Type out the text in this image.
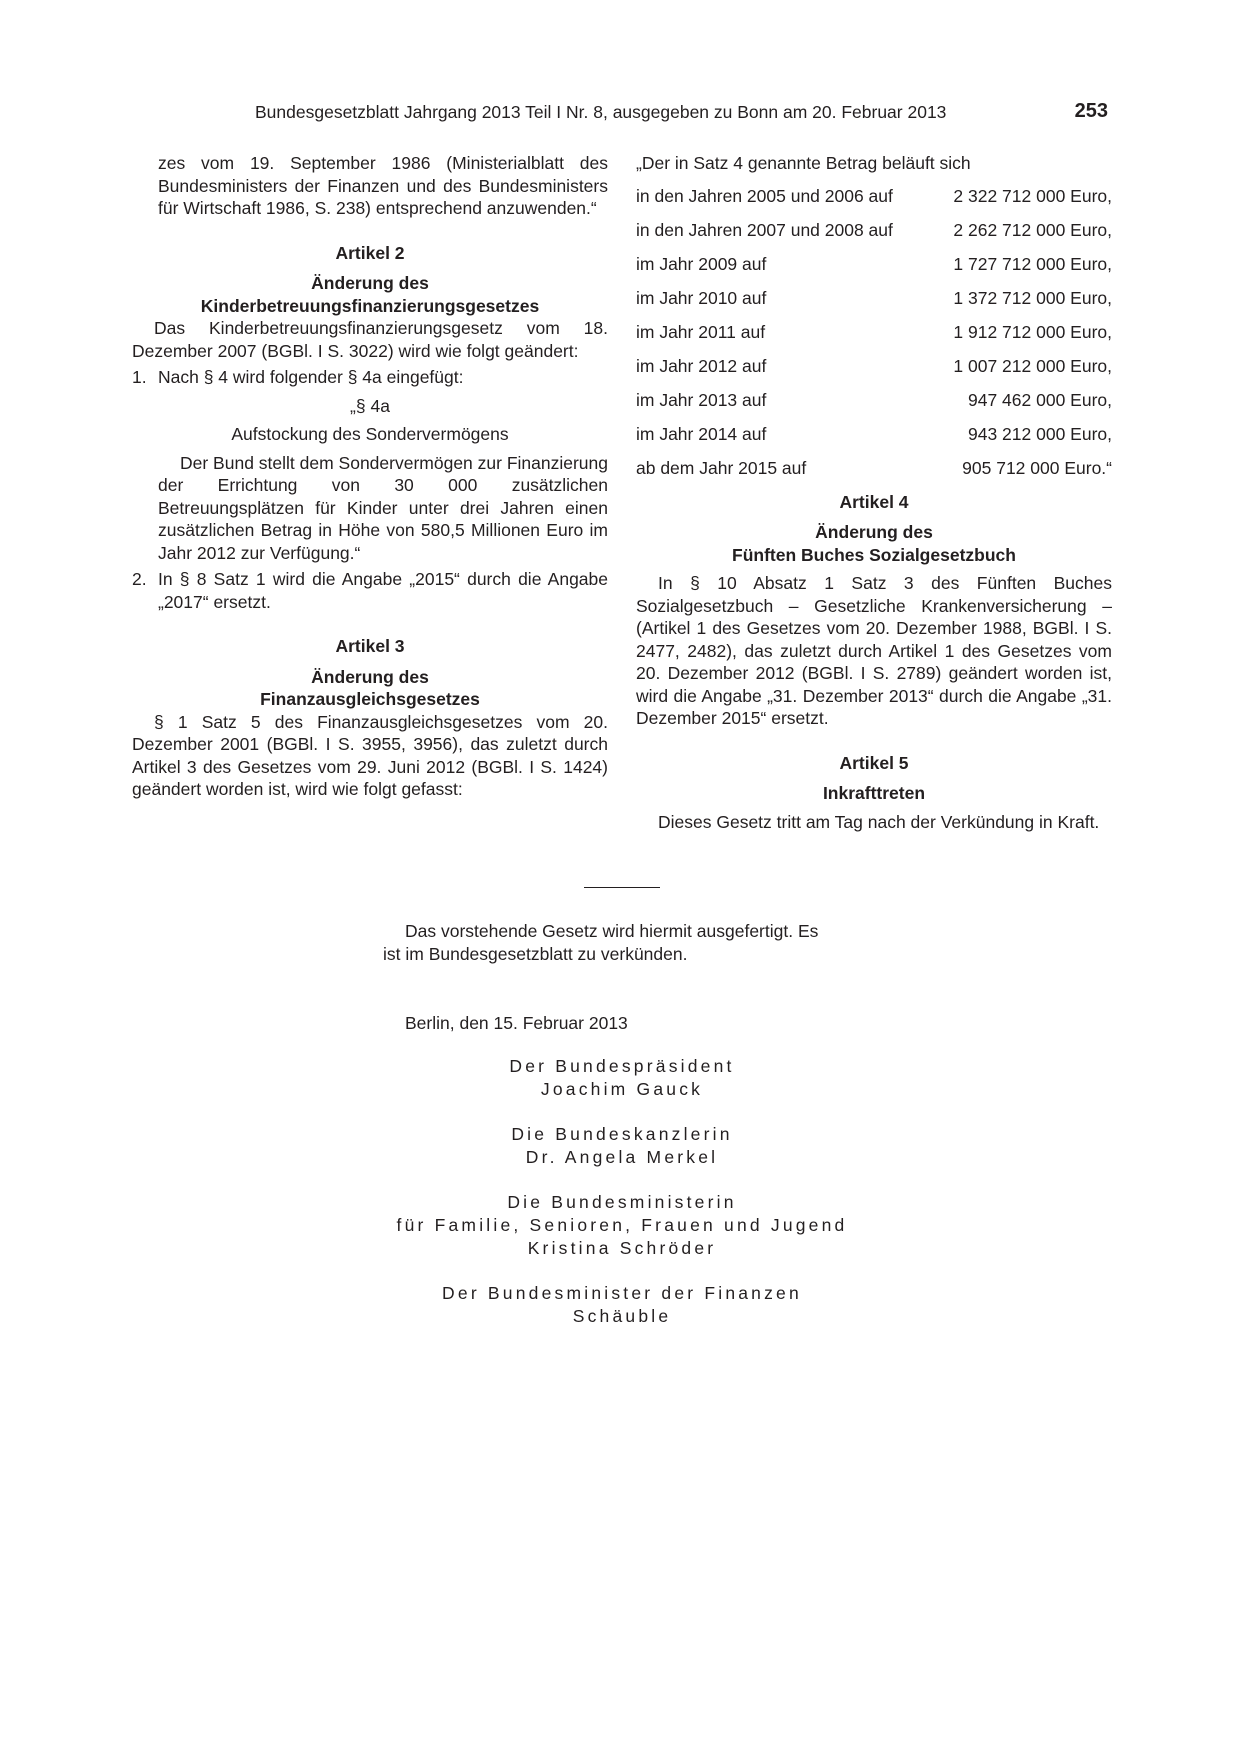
Bundesgesetzblatt Jahrgang 2013 Teil I Nr. 8, ausgegeben zu Bonn am 20. Februar 2013	253

zes vom 19. September 1986 (Ministerialblatt des Bundesministers der Finanzen und des Bundesministers für Wirtschaft 1986, S. 238) entsprechend anzuwenden.“

Artikel 2

Änderung des

Kinderbetreuungsfinanzierungsgesetzes

Das Kinderbetreuungsfinanzierungsgesetz vom 18. Dezember 2007 (BGBl. I S. 3022) wird wie folgt geändert:

1. Nach § 4 wird folgender § 4a eingefügt:

„§ 4a

Aufstockung des Sondervermögens

Der Bund stellt dem Sondervermögen zur Finanzierung der Errichtung von 30 000 zusätzlichen Betreuungsplätzen für Kinder unter drei Jahren einen zusätzlichen Betrag in Höhe von 580,5 Millionen Euro im Jahr 2012 zur Verfügung.“

2. In § 8 Satz 1 wird die Angabe „2015“ durch die Angabe „2017“ ersetzt.

Artikel 3

Änderung des

Finanzausgleichsgesetzes

§ 1 Satz 5 des Finanzausgleichsgesetzes vom 20. Dezember 2001 (BGBl. I S. 3955, 3956), das zuletzt durch Artikel 3 des Gesetzes vom 29. Juni 2012 (BGBl. I S. 1424) geändert worden ist, wird wie folgt gefasst:

„Der in Satz 4 genannte Betrag beläuft sich

in den Jahren 2005 und 2006 auf	2 322 712 000 Euro,
in den Jahren 2007 und 2008 auf	2 262 712 000 Euro,
im Jahr 2009 auf	1 727 712 000 Euro,
im Jahr 2010 auf	1 372 712 000 Euro,
im Jahr 2011 auf	1 912 712 000 Euro,
im Jahr 2012 auf	1 007 212 000 Euro,
im Jahr 2013 auf	947 462 000 Euro,
im Jahr 2014 auf	943 212 000 Euro,
ab dem Jahr 2015 auf	905 712 000 Euro.“

Artikel 4

Änderung des

Fünften Buches Sozialgesetzbuch

In § 10 Absatz 1 Satz 3 des Fünften Buches Sozialgesetzbuch – Gesetzliche Krankenversicherung – (Artikel 1 des Gesetzes vom 20. Dezember 1988, BGBl. I S. 2477, 2482), das zuletzt durch Artikel 1 des Gesetzes vom 20. Dezember 2012 (BGBl. I S. 2789) geändert worden ist, wird die Angabe „31. Dezember 2013“ durch die Angabe „31. Dezember 2015“ ersetzt.

Artikel 5

Inkrafttreten

Dieses Gesetz tritt am Tag nach der Verkündung in Kraft.

Das vorstehende Gesetz wird hiermit ausgefertigt. Es
ist im Bundesgesetzblatt zu verkünden.
Berlin, den 15. Februar 2013
Der Bundespräsident
Joachim Gauck
Die Bundeskanzlerin
Dr. Angela Merkel
Die Bundesministerin
für Familie, Senioren, Frauen und Jugend
Kristina Schröder
Der Bundesminister der Finanzen
Schäuble
